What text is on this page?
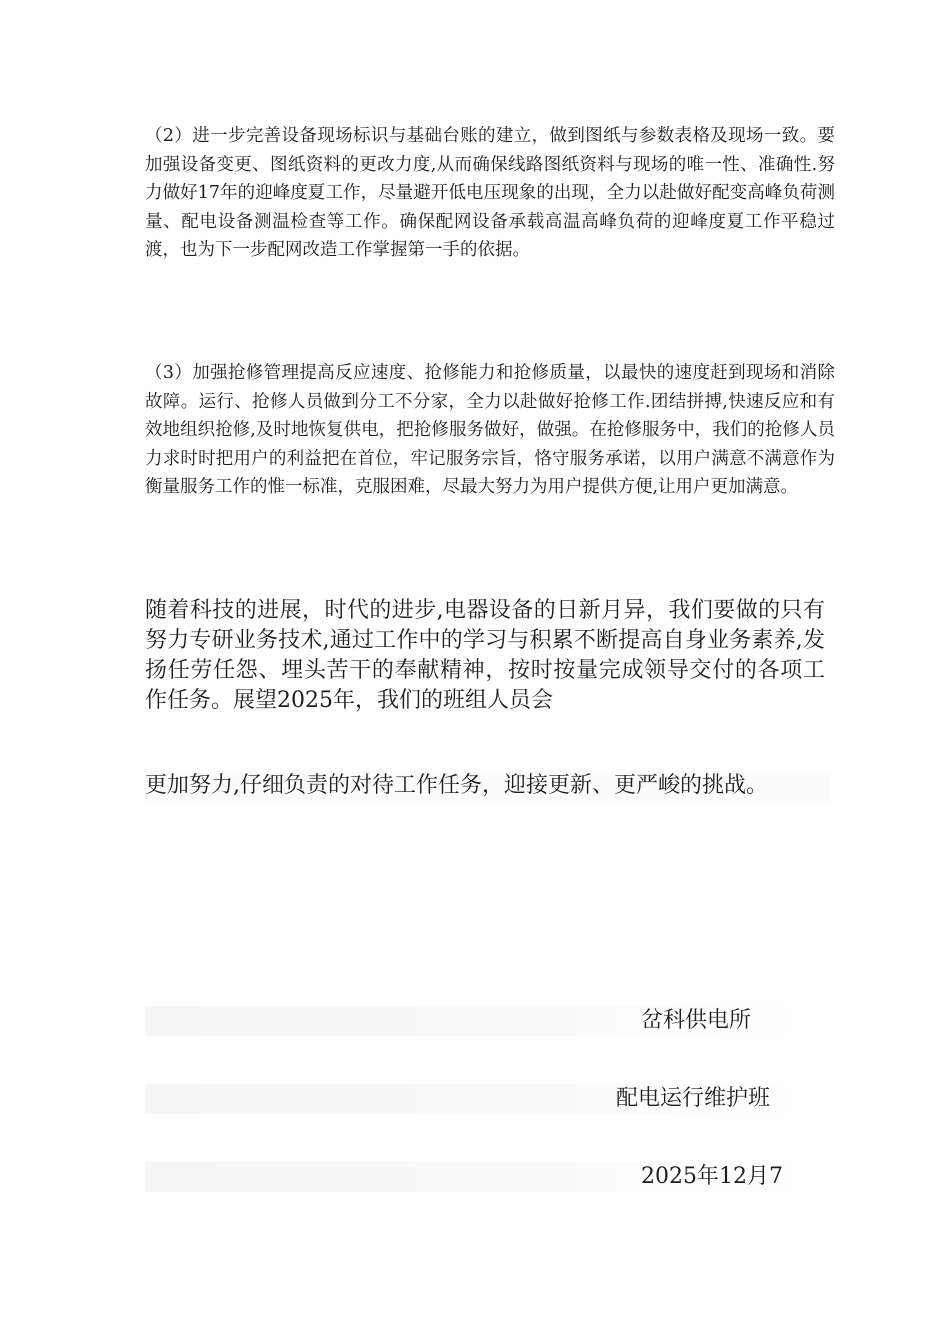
（2）进一步完善设备现场标识与基础台账的建立，做到图纸与参数表格及现场一致。要加强设备变更、图纸资料的更改力度,从而确保线路图纸资料与现场的唯一性、准确性.努力做好17年的迎峰度夏工作，尽量避开低电压现象的出现，全力以赴做好配变高峰负荷测量、配电设备测温检查等工作。确保配网设备承载高温高峰负荷的迎峰度夏工作平稳过渡，也为下一步配网改造工作掌握第一手的依据。

（3）加强抢修管理提高反应速度、抢修能力和抢修质量，以最快的速度赶到现场和消除故障。运行、抢修人员做到分工不分家，全力以赴做好抢修工作.团结拼搏,快速反应和有效地组织抢修,及时地恢复供电，把抢修服务做好，做强。在抢修服务中，我们的抢修人员力求时时把用户的利益把在首位，牢记服务宗旨，恪守服务承诺，以用户满意不满意作为衡量服务工作的惟一标准，克服困难，尽最大努力为用户提供方便,让用户更加满意。

随着科技的进展，时代的进步,电器设备的日新月异，我们要做的只有努力专研业务技术,通过工作中的学习与积累不断提高自身业务素养,发扬任劳任怨、埋头苦干的奉献精神，按时按量完成领导交付的各项工作任务。展望2025年，我们的班组人员会

更加努力,仔细负责的对待工作任务，迎接更新、更严峻的挑战。

岔科供电所
配电运行维护班
2025年12月7
